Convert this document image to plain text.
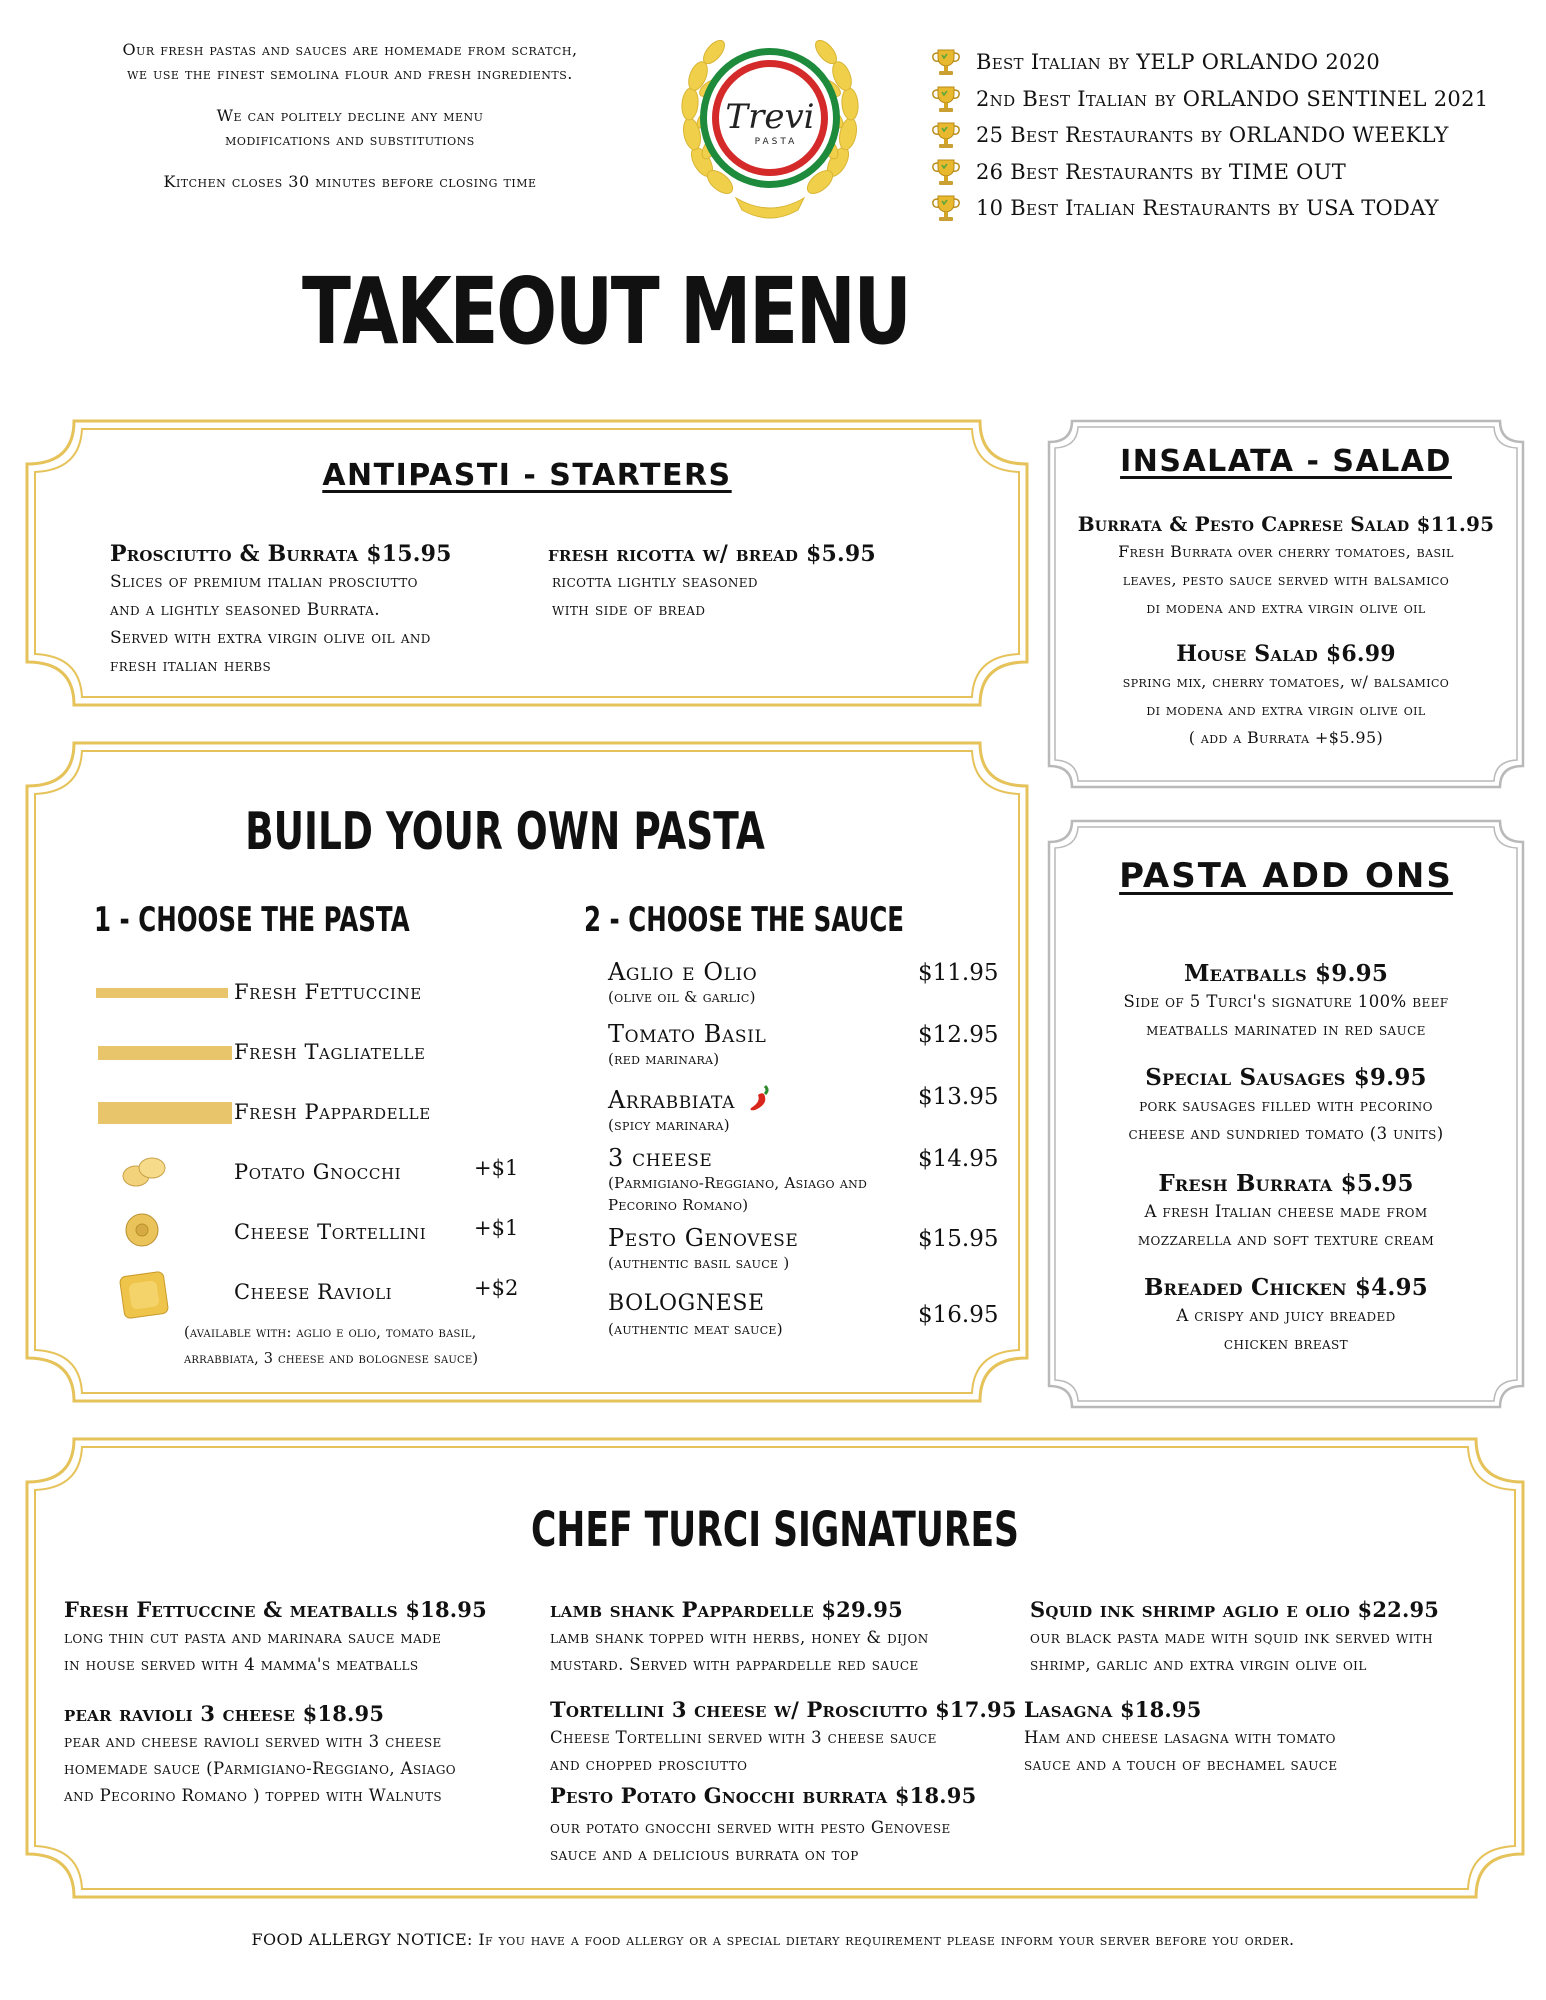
Our fresh pastas and sauces are homemade from scratch,
we use the finest semolina flour and fresh ingredients.

We can politely decline any menu
modifications and substitutions

Kitchen closes 30 minutes before closing time

Trevi
PASTA
Best Italian by YELP ORLANDO 2020
2nd Best Italian by ORLANDO SENTINEL 2021
25 Best Restaurants by ORLANDO WEEKLY
26 Best Restaurants by TIME OUT
10 Best Italian Restaurants by USA TODAY
TAKEOUT MENU
ANTIPASTI - STARTERS
Prosciutto & Burrata $15.95
Slices of premium italian prosciutto
and a lightly seasoned Burrata.
Served with extra virgin olive oil and
fresh italian herbs
fresh ricotta w/ bread $5.95
ricotta lightly seasoned
with side of bread
INSALATA - SALAD
Burrata & Pesto Caprese Salad $11.95
Fresh Burrata over cherry tomatoes, basil
leaves, pesto sauce served with balsamico
di modena and extra virgin olive oil
House Salad $6.99
spring mix, cherry tomatoes, w/ balsamico
di modena and extra virgin olive oil
( add a Burrata +$5.95)
BUILD YOUR OWN PASTA
1 - CHOOSE THE PASTA	2 - CHOOSE THE SAUCE
Fresh Fettuccine
Fresh Tagliatelle
Fresh Pappardelle
Potato Gnocchi	+$1
Cheese Tortellini +$1
Cheese Ravioli	+$2
(available with: aglio e olio, tomato basil,
arrabbiata, 3 cheese and bolognese sauce)
Aglio e Olio
(olive oil & garlic)
$11.95
Tomato Basil
(red marinara)
$12.95
Arrabbiata
(spicy marinara)
$13.95
3 cheese
(Parmigiano-Reggiano, Asiago and
Pecorino Romano)
$14.95
Pesto Genovese
(authentic basil sauce )
$15.95
BOLOGNESE
(authentic meat sauce)
$16.95
PASTA ADD ONS
Meatballs $9.95
Side of 5 Turci's signature 100% beef
meatballs marinated in red sauce
Special Sausages $9.95
pork sausages filled with pecorino
cheese and sundried tomato (3 units)
Fresh Burrata $5.95
A fresh Italian cheese made from
mozzarella and soft texture cream
Breaded Chicken $4.95
A crispy and juicy breaded
chicken breast
CHEF TURCI SIGNATURES
Fresh Fettuccine & meatballs $18.95
long thin cut pasta and marinara sauce made
in house served with 4 mamma's meatballs
lamb shank Pappardelle $29.95
lamb shank topped with herbs, honey & dijon
mustard. Served with pappardelle red sauce
Squid ink shrimp aglio e olio $22.95
our black pasta made with squid ink served with
shrimp, garlic and extra virgin olive oil
pear ravioli 3 cheese $18.95
pear and cheese ravioli served with 3 cheese
homemade sauce (Parmigiano-Reggiano, Asiago
and Pecorino Romano ) topped with Walnuts
Tortellini 3 cheese w/ Prosciutto $17.95
Cheese Tortellini served with 3 cheese sauce
and chopped prosciutto
Lasagna $18.95
Ham and cheese lasagna with tomato
sauce and a touch of bechamel sauce
Pesto Potato Gnocchi burrata $18.95
our potato gnocchi served with pesto Genovese
sauce and a delicious burrata on top
FOOD ALLERGY NOTICE: If you have a food allergy or a special dietary requirement please inform your server before you order.
